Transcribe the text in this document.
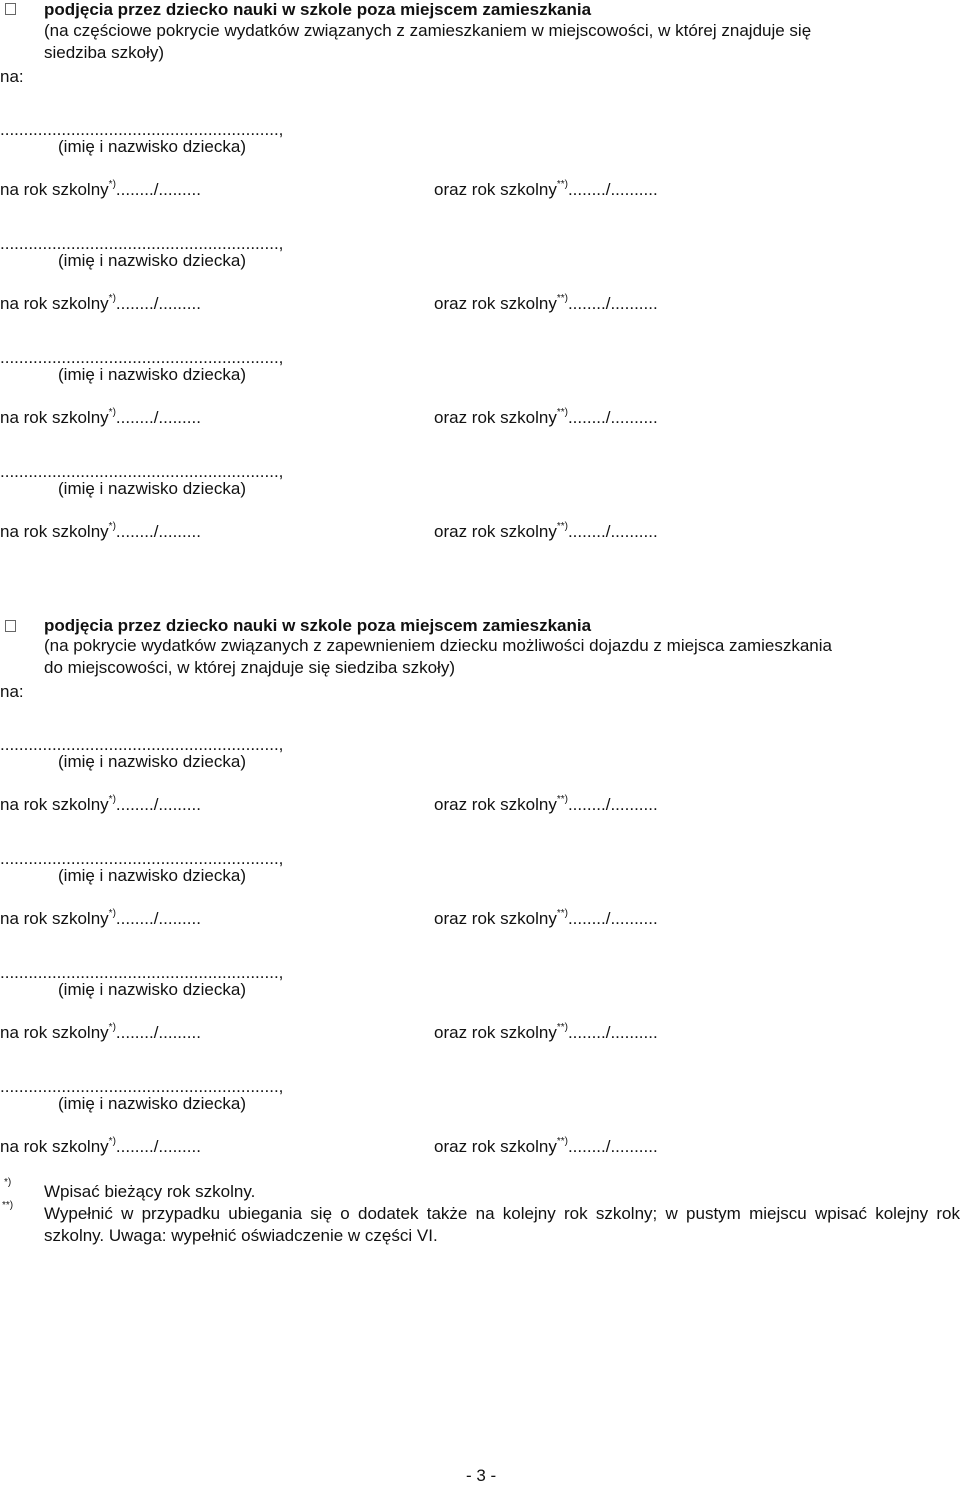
podjęcia przez dziecko nauki w szkole poza miejscem zamieszkania
(na częściowe pokrycie wydatków związanych z zamieszkaniem w miejscowości, w której znajduje się
siedziba szkoły)
na:
podjęcia przez dziecko nauki w szkole poza miejscem zamieszkania
(na pokrycie wydatków związanych z zapewnieniem dziecku możliwości dojazdu z miejsca zamieszkania
do miejscowości, w której znajduje się siedziba szkoły)
na:
...........................................................,
(imię i nazwisko dziecka)
na rok szkolny*)......../.........	oraz rok szkolny**)......../..........
...........................................................,
(imię i nazwisko dziecka)
na rok szkolny*)......../.........	oraz rok szkolny**)......../..........
...........................................................,
(imię i nazwisko dziecka)
na rok szkolny*)......../.........	oraz rok szkolny**)......../..........
...........................................................,
(imię i nazwisko dziecka)
na rok szkolny*)......../.........	oraz rok szkolny**)......../..........
...........................................................,
(imię i nazwisko dziecka)
na rok szkolny*)......../.........	oraz rok szkolny**)......../..........
...........................................................,
(imię i nazwisko dziecka)
na rok szkolny*)......../.........	oraz rok szkolny**)......../..........
...........................................................,
(imię i nazwisko dziecka)
na rok szkolny*)......../.........	oraz rok szkolny**)......../..........
...........................................................,
(imię i nazwisko dziecka)
na rok szkolny*)......../.........	oraz rok szkolny**)......../..........
*) Wpisać bieżący rok szkolny.
**) Wypełnić w przypadku ubiegania się o dodatek także na kolejny rok szkolny; w pustym miejscu wpisać kolejny rok szkolny. Uwaga: wypełnić oświadczenie w części VI.
- 3 -
